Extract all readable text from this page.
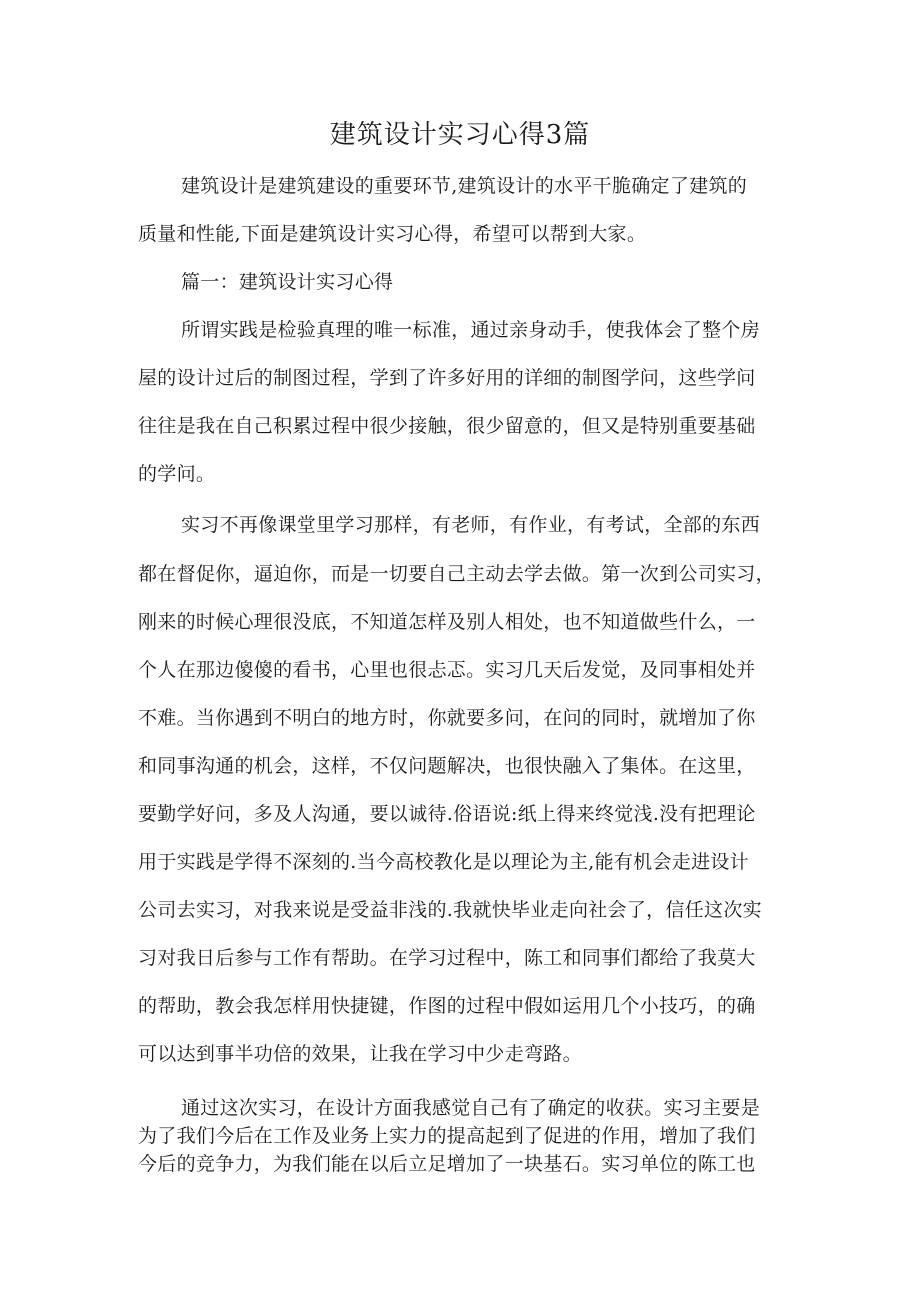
建筑设计实习心得3篇
建筑设计是建筑建设的重要环节,建筑设计的水平干脆确定了建筑的
质量和性能,下面是建筑设计实习心得，希望可以帮到大家。
篇一：建筑设计实习心得
所谓实践是检验真理的唯一标准，通过亲身动手，使我体会了整个房
屋的设计过后的制图过程，学到了许多好用的详细的制图学问，这些学问
往往是我在自己积累过程中很少接触，很少留意的，但又是特别重要基础
的学问。
实习不再像课堂里学习那样，有老师，有作业，有考试，全部的东西
都在督促你，逼迫你，而是一切要自己主动去学去做。第一次到公司实习，
刚来的时候心理很没底，不知道怎样及别人相处，也不知道做些什么，一
个人在那边傻傻的看书，心里也很忐忑。实习几天后发觉，及同事相处并
不难。当你遇到不明白的地方时，你就要多问，在问的同时，就增加了你
和同事沟通的机会，这样，不仅问题解决，也很快融入了集体。在这里，
要勤学好问，多及人沟通，要以诚待.俗语说:纸上得来终觉浅.没有把理论
用于实践是学得不深刻的.当今高校教化是以理论为主,能有机会走进设计
公司去实习，对我来说是受益非浅的.我就快毕业走向社会了，信任这次实
习对我日后参与工作有帮助。在学习过程中，陈工和同事们都给了我莫大
的帮助，教会我怎样用快捷键，作图的过程中假如运用几个小技巧，的确
可以达到事半功倍的效果，让我在学习中少走弯路。
通过这次实习，在设计方面我感觉自己有了确定的收获。实习主要是
为了我们今后在工作及业务上实力的提高起到了促进的作用，增加了我们
今后的竞争力，为我们能在以后立足增加了一块基石。实习单位的陈工也
